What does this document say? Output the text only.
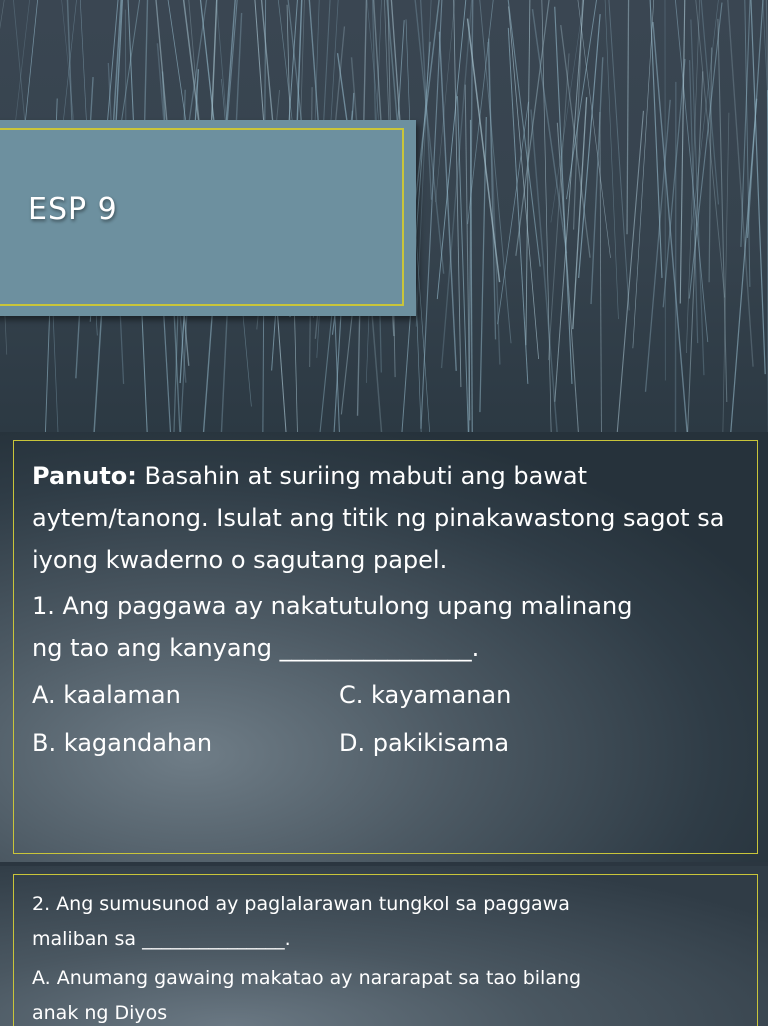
ESP 9

Panuto: Basahin at suriing mabuti ang bawat aytem/tanong. Isulat ang titik ng pinakawastong sagot sa iyong kwaderno o sagutang papel.

1. Ang paggawa ay nakatutulong upang malinang

ng tao ang kanyang ________________.

A. kaalaman	C. kayamanan
B. kagandahan	D. pakikisama

2. Ang sumusunod ay paglalarawan tungkol sa paggawa

maliban sa _______________.

A. Anumang gawaing makatao ay nararapat sa tao bilang

anak ng Diyos
